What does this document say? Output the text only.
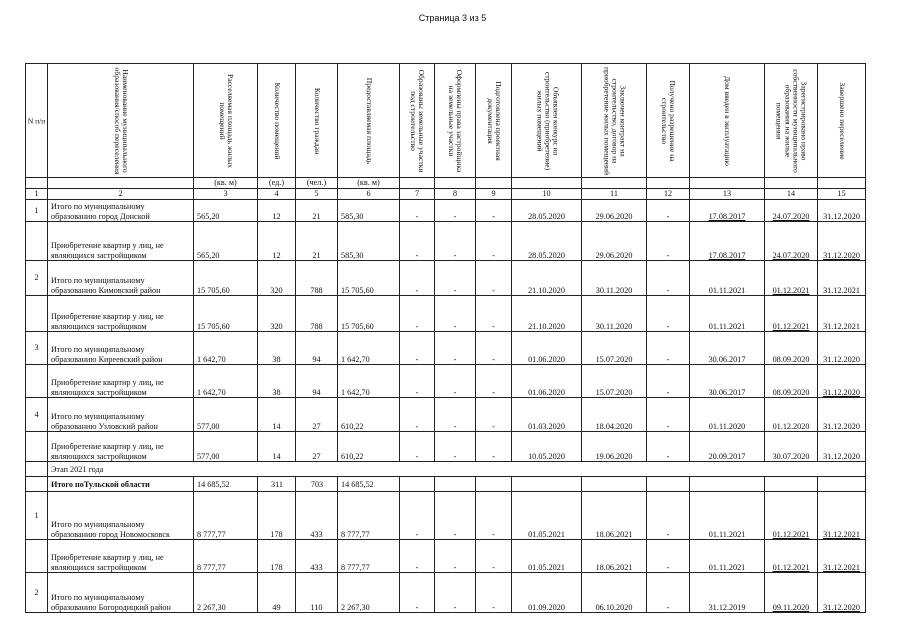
Страница 3 из 5
N п/п	Наименование муниципального образования/способ переселения	Расселяемая площадь жилых помещений	Количество помещений	Количество граждан	Предоставляемая площадь	Образованы земельные участки под строительство	Оформлены права застройщика на земельные участки	Подготовлена проектная документация	Объявлен конкурс на строительство (приобретение) жилых помещений	Заключен контракт на строительство, договор на приобретение жилых помещений	Получено разрешение на строительство	Дом введен в эксплуатацию	Зарегистрировано право собственности муниципального образования на жилые помещения	Завершено переселение

		(кв. м)	(ед.)	(чел.)	(кв. м)									
1	2	3	4	5	6	7	8	9	10	11	12	13	14	15
1	Итого по муниципальному образованию город Донской	565,20	12	21	585,30	-	-	-	28.05.2020	29.06.2020	-	17.08.2017	24.07.2020	31.12.2020
	Приобретение квартир у лиц, не являющихся застройщиком	565,20	12	21	585,30	-	-	-	28.05.2020	29.06.2020	-	17.08.2017	24.07.2020	31.12.2020
2	Итого по муниципальному образованию Кимовский район	15 705,60	320	788	15 705,60	-	-	-	21.10.2020	30.11.2020	-	01.11.2021	01.12.2021	31.12.2021
	Приобретение квартир у лиц, не являющихся застройщиком	15 705,60	320	788	15 705,60	-	-	-	21.10.2020	30.11.2020	-	01.11.2021	01.12.2021	31.12.2021
3	Итого по муниципальному образованию Киреевский район	1 642,70	38	94	1 642,70	-	-	-	01.06.2020	15.07.2020	-	30.06.2017	08.09.2020	31.12.2020
	Приобретение квартир у лиц, не являющихся застройщиком	1 642,70	38	94	1 642,70	-	-	-	01.06.2020	15.07.2020	-	30.06.2017	08.09.2020	31.12.2020
4	Итого по муниципальному образованию Узловский район	577,00	14	27	610,22	-	-	-	01.03.2020	18.04.2020	-	01.11.2020	01.12.2020	31.12.2020
	Приобретение квартир у лиц, не являющихся застройщиком	577,00	14	27	610,22	-	-	-	10.05.2020	19.06.2020	-	20.09.2017	30.07.2020	31.12.2020
	Этап 2021 года													
	Итого поТульской области	14 685,52	311	703	14 685,52									
1	Итого по муниципальному образованию город Новомосковск	8 777,77	178	433	8 777,77	-	-	-	01.05.2021	18.06.2021	-	01.11.2021	01.12.2021	31.12.2021
	Приобретение квартир у лиц, не являющихся застройщиком	8 777,77	178	433	8 777,77	-	-	-	01.05.2021	18.06.2021	-	01.11.2021	01.12.2021	31.12.2021
2	Итого по муниципальному образованию Богородицкий район	2 267,30	49	110	2 267,30	-	-	-	01.09.2020	06.10.2020	-	31.12.2019	09.11.2020	31.12.2020
